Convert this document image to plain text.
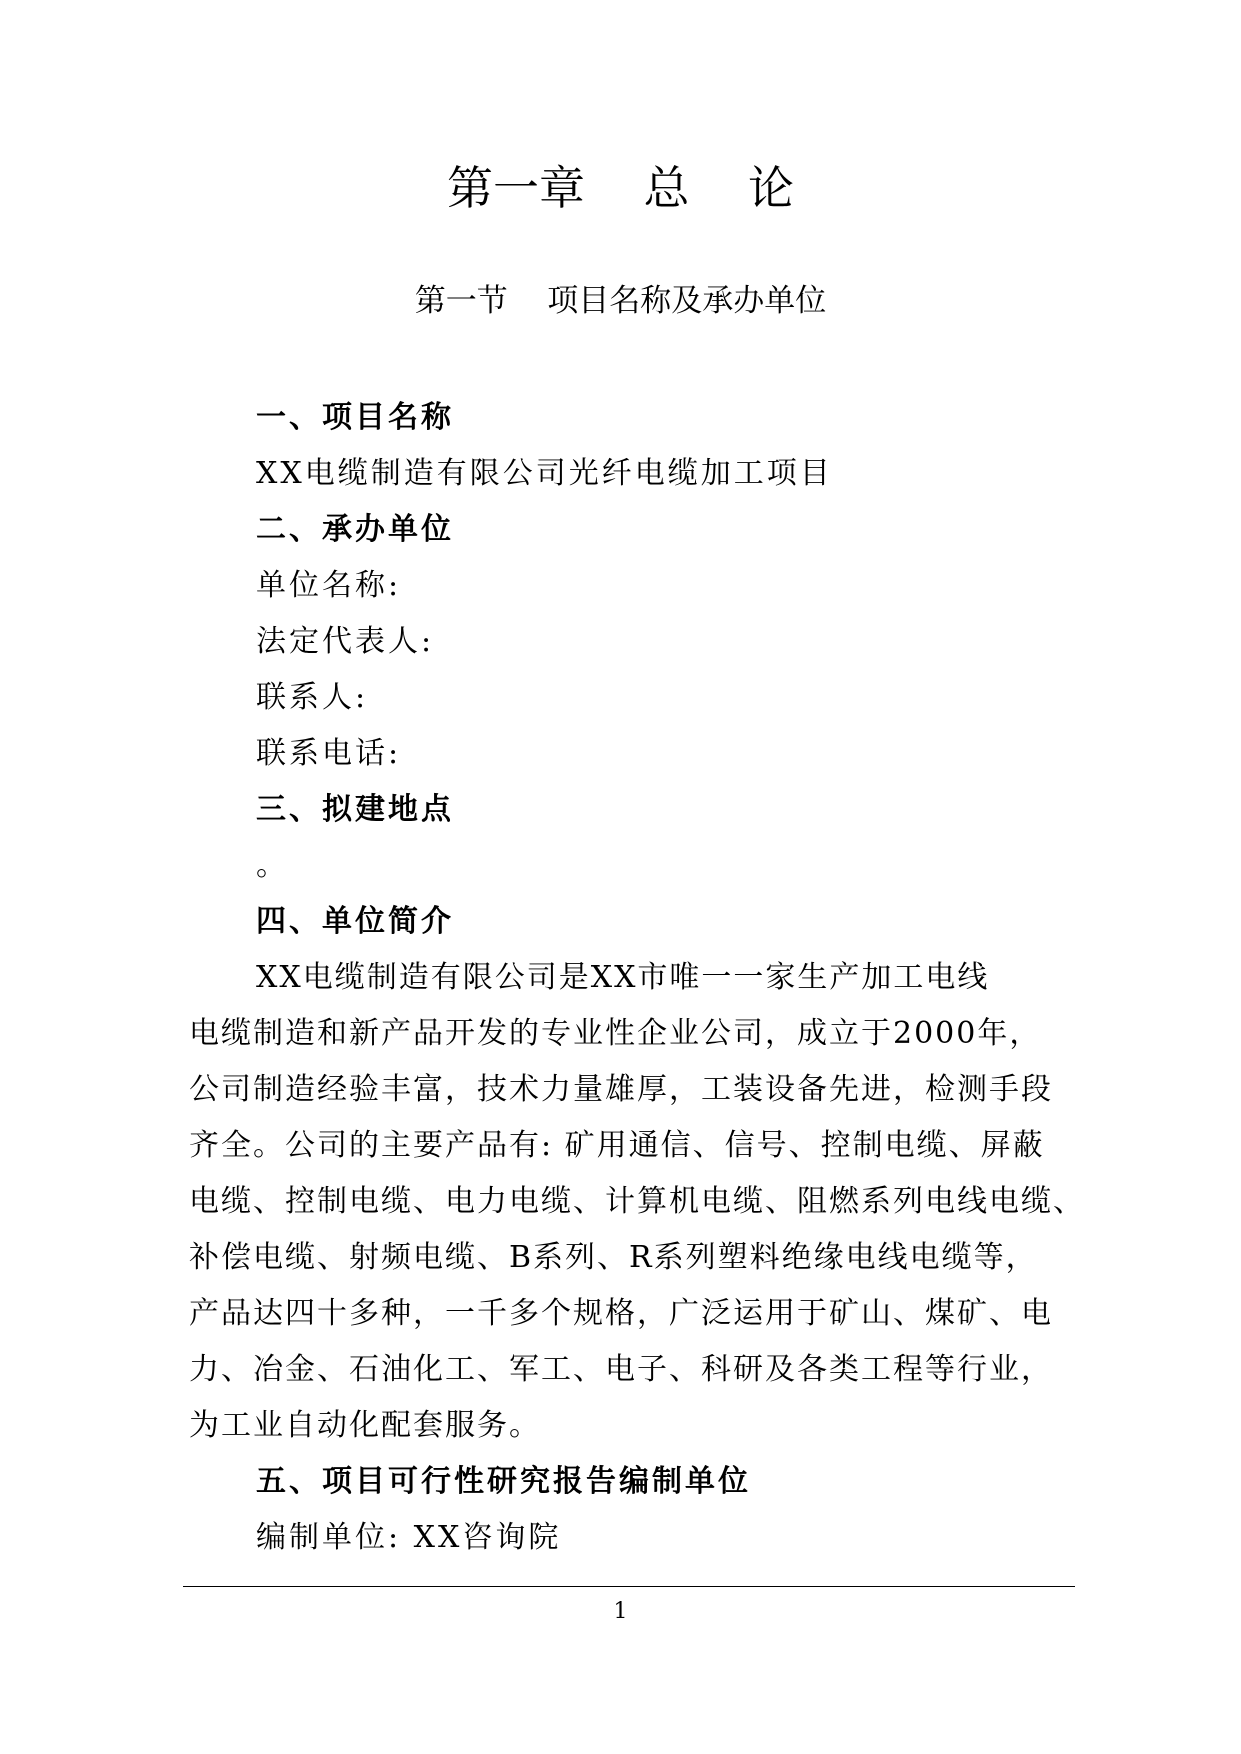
第一章    总    论
第一节    项目名称及承办单位
一、项目名称
XX电缆制造有限公司光纤电缆加工项目
二、承办单位
单位名称:
法定代表人:
联系人:
联系电话:
三、拟建地点
。
四、单位简介
XX电缆制造有限公司是XX市唯一一家生产加工电线
电缆制造和新产品开发的专业性企业公司，成立于2000年，
公司制造经验丰富，技术力量雄厚，工装设备先进，检测手段
齐全。公司的主要产品有: 矿用通信、信号、控制电缆、屏蔽
电缆、控制电缆、电力电缆、计算机电缆、阻燃系列电线电缆、
补偿电缆、射频电缆、B系列、R系列塑料绝缘电线电缆等，
产品达四十多种，一千多个规格，广泛运用于矿山、煤矿、电
力、冶金、石油化工、军工、电子、科研及各类工程等行业，
为工业自动化配套服务。
五、项目可行性研究报告编制单位
编制单位: XX咨询院
1
